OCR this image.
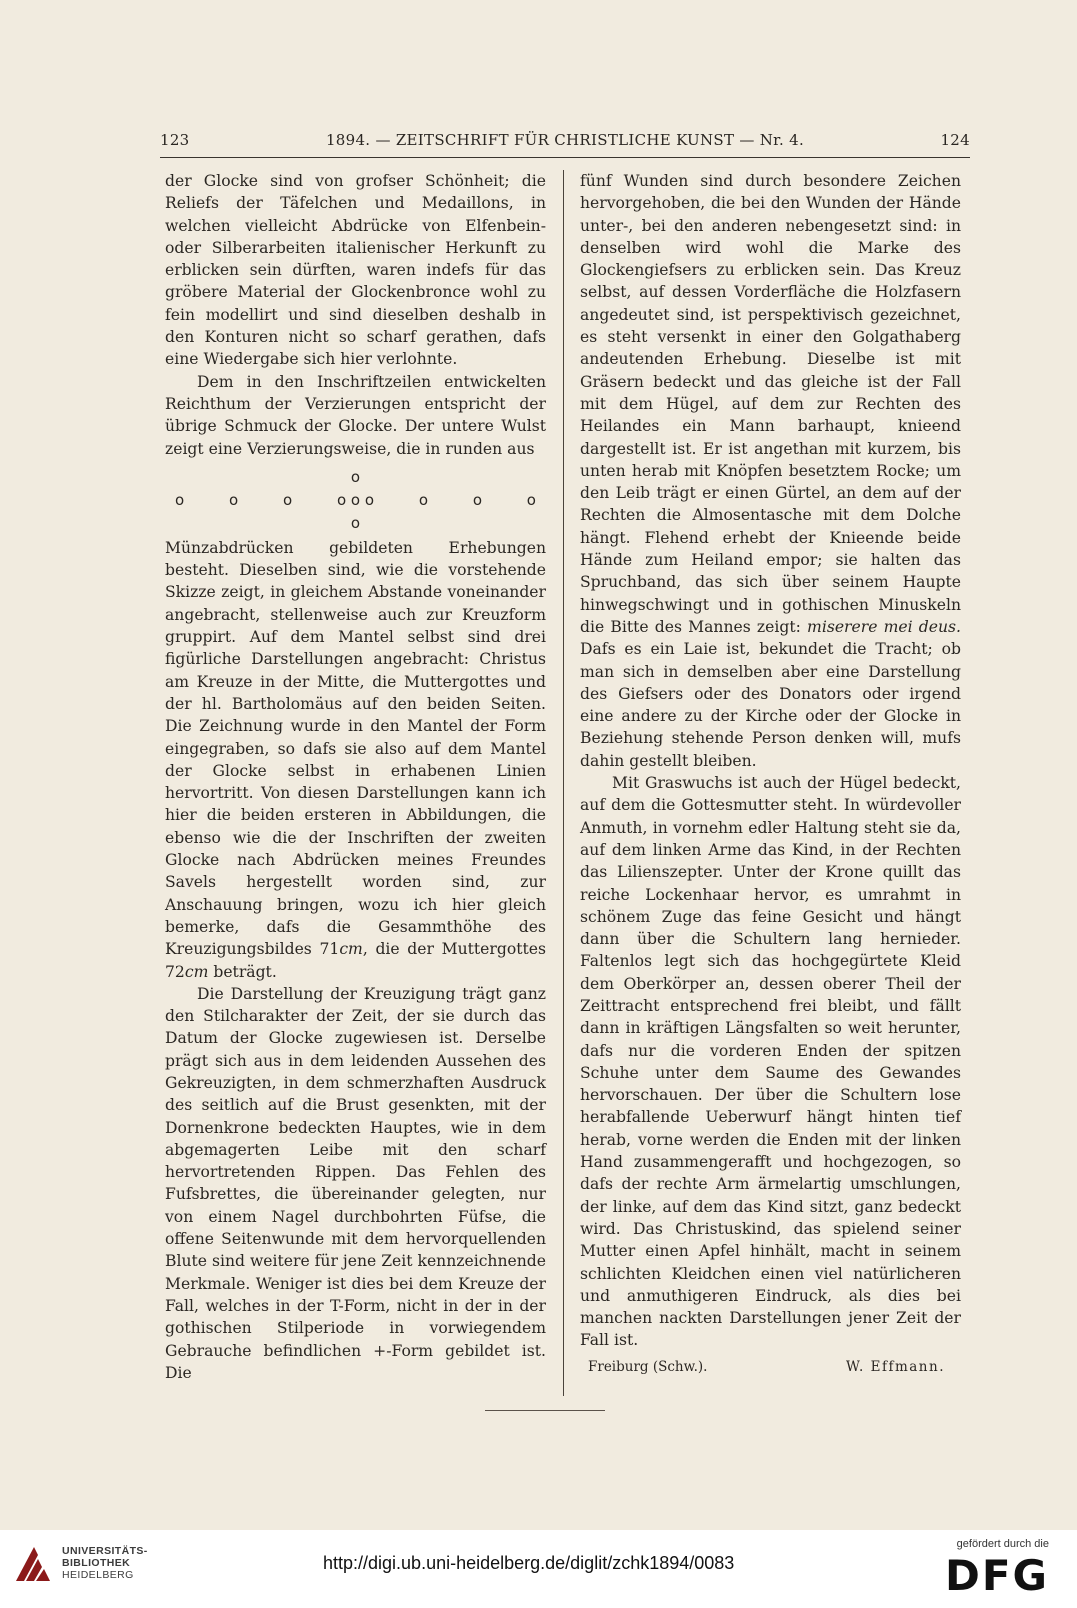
123	1894. — ZEITSCHRIFT FÜR CHRISTLICHE KUNST — Nr. 4.	124

der Glocke sind von grofser Schönheit; die Reliefs der Täfelchen und Medaillons, in welchen vielleicht Abdrücke von Elfenbein- oder Silberarbeiten italienischer Herkunft zu erblicken sein dürften, waren indefs für das gröbere Material der Glockenbronce wohl zu fein modellirt und sind dieselben deshalb in den Konturen nicht so scharf gerathen, dafs eine Wiedergabe sich hier verlohnte.

Dem in den Inschriftzeilen entwickelten Reichthum der Verzierungen entspricht der übrige Schmuck der Glocke. Der untere Wulst zeigt eine Verzierungsweise, die in runden aus

o
o	o	o	o o o	o	o	o
o

Münzabdrücken gebildeten Erhebungen besteht. Dieselben sind, wie die vorstehende Skizze zeigt, in gleichem Abstande voneinander angebracht, stellenweise auch zur Kreuzform gruppirt. Auf dem Mantel selbst sind drei figürliche Darstellungen angebracht: Christus am Kreuze in der Mitte, die Muttergottes und der hl. Bartholomäus auf den beiden Seiten. Die Zeichnung wurde in den Mantel der Form eingegraben, so dafs sie also auf dem Mantel der Glocke selbst in erhabenen Linien hervortritt. Von diesen Darstellungen kann ich hier die beiden ersteren in Abbildungen, die ebenso wie die der Inschriften der zweiten Glocke nach Abdrücken meines Freundes Savels hergestellt worden sind, zur Anschauung bringen, wozu ich hier gleich bemerke, dafs die Gesammthöhe des Kreuzigungsbildes 71cm, die der Muttergottes 72cm beträgt.

Die Darstellung der Kreuzigung trägt ganz den Stilcharakter der Zeit, der sie durch das Datum der Glocke zugewiesen ist. Derselbe prägt sich aus in dem leidenden Aussehen des Gekreuzigten, in dem schmerzhaften Ausdruck des seitlich auf die Brust gesenkten, mit der Dornenkrone bedeckten Hauptes, wie in dem abgemagerten Leibe mit den scharf hervortretenden Rippen. Das Fehlen des Fufsbrettes, die übereinander gelegten, nur von einem Nagel durchbohrten Füfse, die offene Seitenwunde mit dem hervorquellenden Blute sind weitere für jene Zeit kennzeichnende Merkmale. Weniger ist dies bei dem Kreuze der Fall, welches in der T-Form, nicht in der in der gothischen Stilperiode in vorwiegendem Gebrauche befindlichen +-Form gebildet ist. Die

fünf Wunden sind durch besondere Zeichen hervorgehoben, die bei den Wunden der Hände unter-, bei den anderen nebengesetzt sind: in denselben wird wohl die Marke des Glockengiefsers zu erblicken sein. Das Kreuz selbst, auf dessen Vorderfläche die Holzfasern angedeutet sind, ist perspektivisch gezeichnet, es steht versenkt in einer den Golgathaberg andeutenden Erhebung. Dieselbe ist mit Gräsern bedeckt und das gleiche ist der Fall mit dem Hügel, auf dem zur Rechten des Heilandes ein Mann barhaupt, knieend dargestellt ist. Er ist angethan mit kurzem, bis unten herab mit Knöpfen besetztem Rocke; um den Leib trägt er einen Gürtel, an dem auf der Rechten die Almosentasche mit dem Dolche hängt. Flehend erhebt der Knieende beide Hände zum Heiland empor; sie halten das Spruchband, das sich über seinem Haupte hinwegschwingt und in gothischen Minuskeln die Bitte des Mannes zeigt: miserere mei deus. Dafs es ein Laie ist, bekundet die Tracht; ob man sich in demselben aber eine Darstellung des Giefsers oder des Donators oder irgend eine andere zu der Kirche oder der Glocke in Beziehung stehende Person denken will, mufs dahin gestellt bleiben.

Mit Graswuchs ist auch der Hügel bedeckt, auf dem die Gottesmutter steht. In würdevoller Anmuth, in vornehm edler Haltung steht sie da, auf dem linken Arme das Kind, in der Rechten das Lilienszepter. Unter der Krone quillt das reiche Lockenhaar hervor, es umrahmt in schönem Zuge das feine Gesicht und hängt dann über die Schultern lang hernieder. Faltenlos legt sich das hochgegürtete Kleid dem Oberkörper an, dessen oberer Theil der Zeittracht entsprechend frei bleibt, und fällt dann in kräftigen Längsfalten so weit herunter, dafs nur die vorderen Enden der spitzen Schuhe unter dem Saume des Gewandes hervorschauen. Der über die Schultern lose herabfallende Ueberwurf hängt hinten tief herab, vorne werden die Enden mit der linken Hand zusammengerafft und hochgezogen, so dafs der rechte Arm ärmelartig umschlungen, der linke, auf dem das Kind sitzt, ganz bedeckt wird. Das Christuskind, das spielend seiner Mutter einen Apfel hinhält, macht in seinem schlichten Kleidchen einen viel natürlicheren und anmuthigeren Eindruck, als dies bei manchen nackten Darstellungen jener Zeit der Fall ist.

Freiburg (Schw.).	W. Effmann.
UNIVERSITÄTS-
BIBLIOTHEK
HEIDELBERG
http://digi.ub.uni-heidelberg.de/diglit/zchk1894/0083
gefördert durch die
DFG
